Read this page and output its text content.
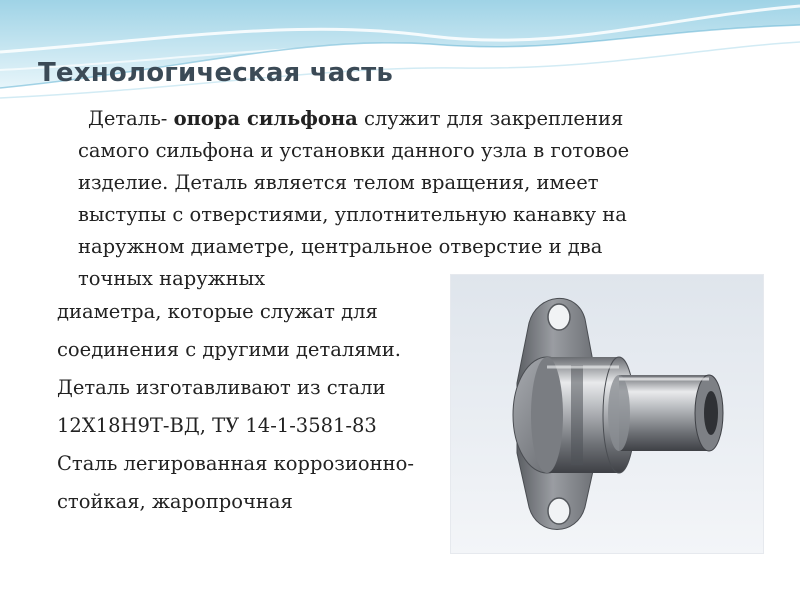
Технологическая часть

Деталь- опора сильфона служит для закрепления
самого сильфона и установки данного узла в готовое
изделие. Деталь является телом вращения, имеет
выступы с отверстиями, уплотнительную канавку на
наружном диаметре, центральное отверстие и два
точных наружных

диаметра, которые служат для
соединения с другими деталями.
Деталь изготавливают из стали
12Х18Н9Т-ВД, ТУ 14-1-3581-83
Сталь легированная коррозионно-
стойкая, жаропрочная
